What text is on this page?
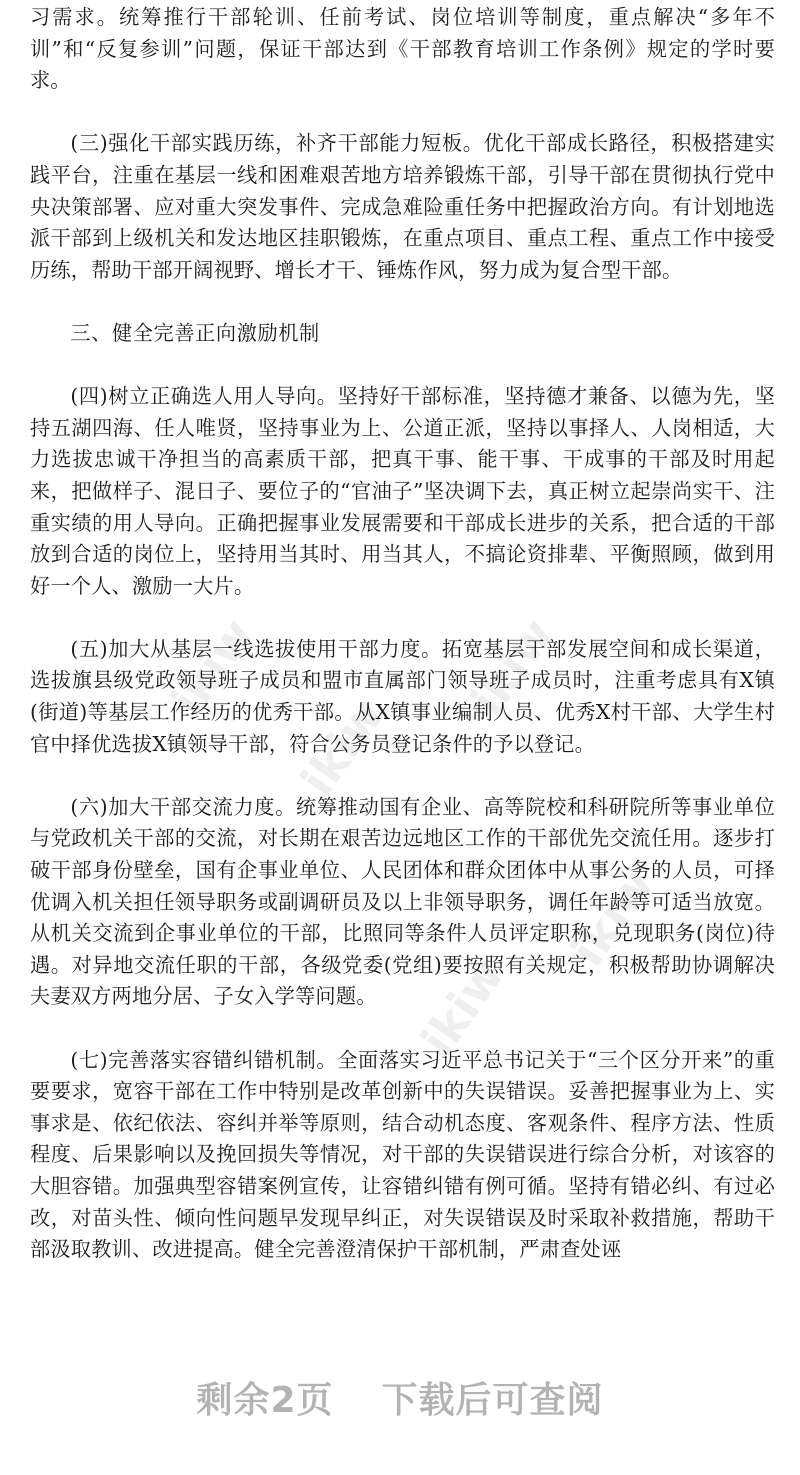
ikiw
ikiw
ikiw
ikiw
ikiw

习需求。统筹推行干部轮训、任前考试、岗位培训等制度，重点解决“多年不训”和“反复参训”问题，保证干部达到《干部教育培训工作条例》规定的学时要求。

(三)强化干部实践历练，补齐干部能力短板。优化干部成长路径，积极搭建实践平台，注重在基层一线和困难艰苦地方培养锻炼干部，引导干部在贯彻执行党中央决策部署、应对重大突发事件、完成急难险重任务中把握政治方向。有计划地选派干部到上级机关和发达地区挂职锻炼，在重点项目、重点工程、重点工作中接受历练，帮助干部开阔视野、增长才干、锤炼作风，努力成为复合型干部。

三、健全完善正向激励机制

(四)树立正确选人用人导向。坚持好干部标准，坚持德才兼备、以德为先，坚持五湖四海、任人唯贤，坚持事业为上、公道正派，坚持以事择人、人岗相适，大力选拔忠诚干净担当的高素质干部，把真干事、能干事、干成事的干部及时用起来，把做样子、混日子、要位子的“官油子”坚决调下去，真正树立起崇尚实干、注重实绩的用人导向。正确把握事业发展需要和干部成长进步的关系，把合适的干部放到合适的岗位上，坚持用当其时、用当其人，不搞论资排辈、平衡照顾，做到用好一个人、激励一大片。

(五)加大从基层一线选拔使用干部力度。拓宽基层干部发展空间和成长渠道，选拔旗县级党政领导班子成员和盟市直属部门领导班子成员时，注重考虑具有X镇(街道)等基层工作经历的优秀干部。从X镇事业编制人员、优秀X村干部、大学生村官中择优选拔X镇领导干部，符合公务员登记条件的予以登记。

(六)加大干部交流力度。统筹推动国有企业、高等院校和科研院所等事业单位与党政机关干部的交流，对长期在艰苦边远地区工作的干部优先交流任用。逐步打破干部身份壁垒，国有企事业单位、人民团体和群众团体中从事公务的人员，可择优调入机关担任领导职务或副调研员及以上非领导职务，调任年龄等可适当放宽。从机关交流到企事业单位的干部，比照同等条件人员评定职称，兑现职务(岗位)待遇。对异地交流任职的干部，各级党委(党组)要按照有关规定，积极帮助协调解决夫妻双方两地分居、子女入学等问题。

(七)完善落实容错纠错机制。全面落实习近平总书记关于“三个区分开来”的重要要求，宽容干部在工作中特别是改革创新中的失误错误。妥善把握事业为上、实事求是、依纪依法、容纠并举等原则，结合动机态度、客观条件、程序方法、性质程度、后果影响以及挽回损失等情况，对干部的失误错误进行综合分析，对该容的大胆容错。加强典型容错案例宣传，让容错纠错有例可循。坚持有错必纠、有过必改，对苗头性、倾向性问题早发现早纠正，对失误错误及时采取补救措施，帮助干部汲取教训、改进提高。健全完善澄清保护干部机制，严肃查处诬

剩余2页 下载后可查阅
